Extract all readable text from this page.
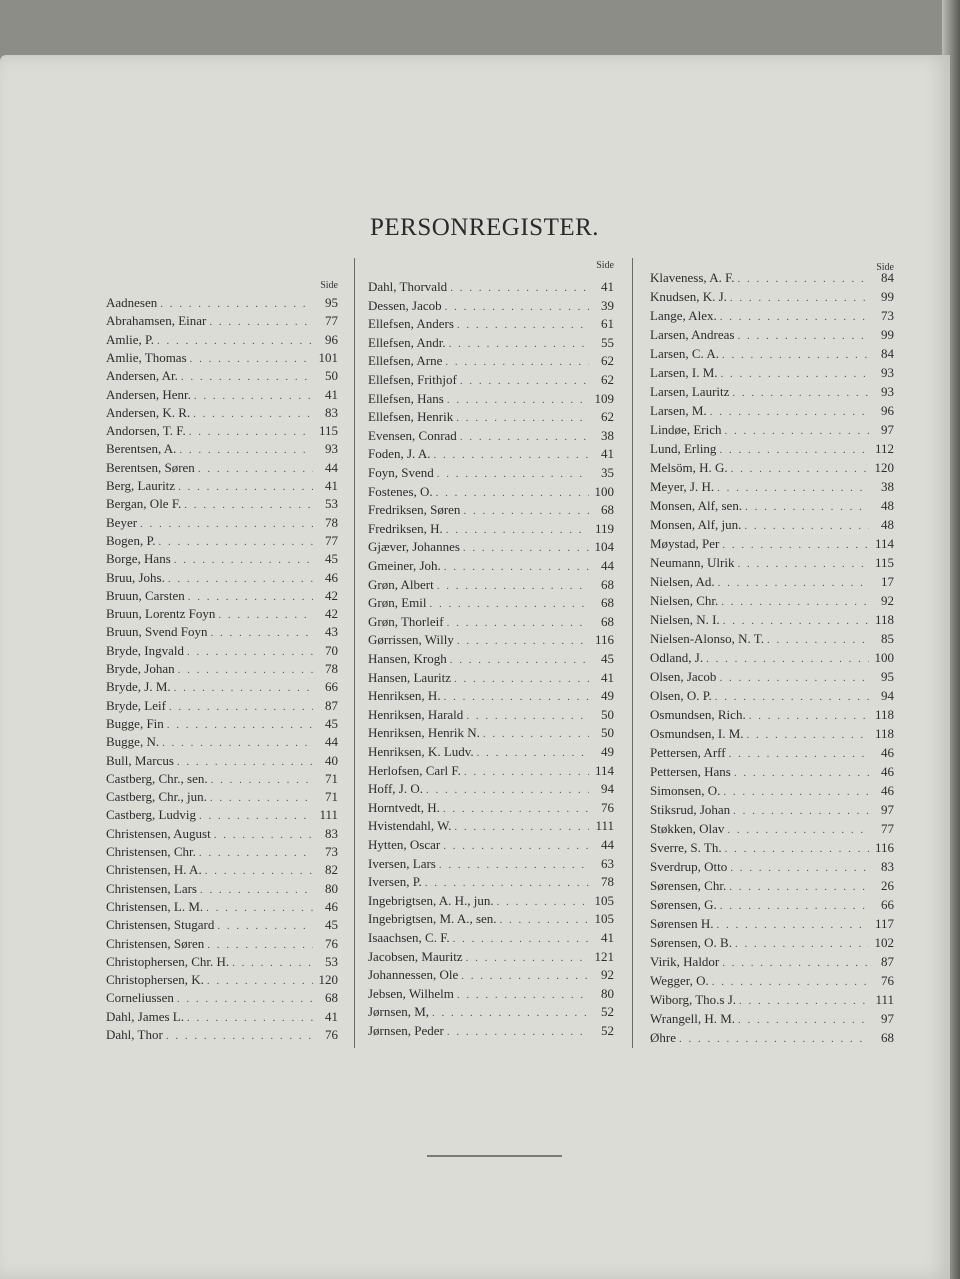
PERSONREGISTER.
Side
Aadnesen . . .	95
Abrahamsen, Einar . . .	77
Amlie, P. . . .	96
Amlie, Thomas . . .	101
Andersen, Ar. . . .	50
Andersen, Henr. . . .	41
Andersen, K. R. . . .	83
Andorsen, T. F. . . .	115
Berentsen, A. . . .	93
Berentsen, Søren . . .	44
Berg, Lauritz . . .	41
Bergan, Ole F. . . .	53
Beyer . . .	78
Bogen, P. . . .	77
Borge, Hans . . .	45
Bruu, Johs. . . .	46
Bruun, Carsten . . .	42
Bruun, Lorentz Foyn . . .	42
Bruun, Svend Foyn . . .	43
Bryde, Ingvald . . .	70
Bryde, Johan . . .	78
Bryde, J. M. . . .	66
Bryde, Leif . . .	87
Bugge, Fin . . .	45
Bugge, N. . . .	44
Bull, Marcus . . .	40
Castberg, Chr., sen. . . .	71
Castberg, Chr., jun. . . .	71
Castberg, Ludvig . . .	111
Christensen, August . . .	83
Christensen, Chr. . . .	73
Christensen, H. A. . . .	82
Christensen, Lars . . .	80
Christensen, L. M. . . .	46
Christensen, Stugard . . .	45
Christensen, Søren . . .	76
Christophersen, Chr. H. . . .	53
Christophersen, K. . . .	120
Corneliussen . . .	68
Dahl, James L. . . .	41
Dahl, Thor . . .	76
Side
Dahl, Thorvald . . .	41
Dessen, Jacob . . .	39
Ellefsen, Anders . . .	61
Ellefsen, Andr. . . .	55
Ellefsen, Arne . . .	62
Ellefsen, Frithjof . . .	62
Ellefsen, Hans . . .	109
Ellefsen, Henrik . . .	62
Evensen, Conrad . . .	38
Foden, J. A. . . .	41
Foyn, Svend . . .	35
Fostenes, O. . . .	100
Fredriksen, Søren . . .	68
Fredriksen, H. . . .	119
Gjæver, Johannes . . .	104
Gmeiner, Joh. . . .	44
Grøn, Albert . . .	68
Grøn, Emil . . .	68
Grøn, Thorleif . . .	68
Gørrissen, Willy . . .	116
Hansen, Krogh . . .	45
Hansen, Lauritz . . .	41
Henriksen, H. . . .	49
Henriksen, Harald . . .	50
Henriksen, Henrik N. . . .	50
Henriksen, K. Ludv. . . .	49
Herlofsen, Carl F. . . .	114
Hoff, J. O. . . .	94
Horntvedt, H. . . .	76
Hvistendahl, W. . . .	111
Hytten, Oscar . . .	44
Iversen, Lars . . .	63
Iversen, P. . . .	78
Ingebrigtsen, A. H., jun. . . .	105
Ingebrigtsen, M. A., sen. . . .	105
Isaachsen, C. F. . . .	41
Jacobsen, Mauritz . . .	121
Johannessen, Ole . . .	92
Jebsen, Wilhelm . . .	80
Jørnsen, M, . . .	52
Jørnsen, Peder . . .	52
Side
Klaveness, A. F. . . .	84
Knudsen, K. J. . . .	99
Lange, Alex. . . .	73
Larsen, Andreas . . .	99
Larsen, C. A. . . .	84
Larsen, I. M. . . .	93
Larsen, Lauritz . . .	93
Larsen, M. . . .	96
Lindøe, Erich . . .	97
Lund, Erling . . .	112
Melsöm, H. G. . . .	120
Meyer, J. H. . . .	38
Monsen, Alf, sen. . . .	48
Monsen, Alf, jun. . . .	48
Møystad, Per . . .	114
Neumann, Ulrik . . .	115
Nielsen, Ad. . . .	17
Nielsen, Chr. . . .	92
Nielsen, N. I. . . .	118
Nielsen-Alonso, N. T. . . .	85
Odland, J. . . .	100
Olsen, Jacob . . .	95
Olsen, O. P. . . .	94
Osmundsen, Rich. . . .	118
Osmundsen, I. M. . . .	118
Pettersen, Arff . . .	46
Pettersen, Hans . . .	46
Simonsen, O. . . .	46
Stiksrud, Johan . . .	97
Støkken, Olav . . .	77
Sverre, S. Th. . . .	116
Sverdrup, Otto . . .	83
Sørensen, Chr. . . .	26
Sørensen, G. . . .	66
Sørensen H. . . .	117
Sørensen, O. B. . . .	102
Virik, Haldor . . .	87
Wegger, O. . . .	76
Wiborg, Tho.s J. . . .	111
Wrangell, H. M. . . .	97
Øhre . . .	68
